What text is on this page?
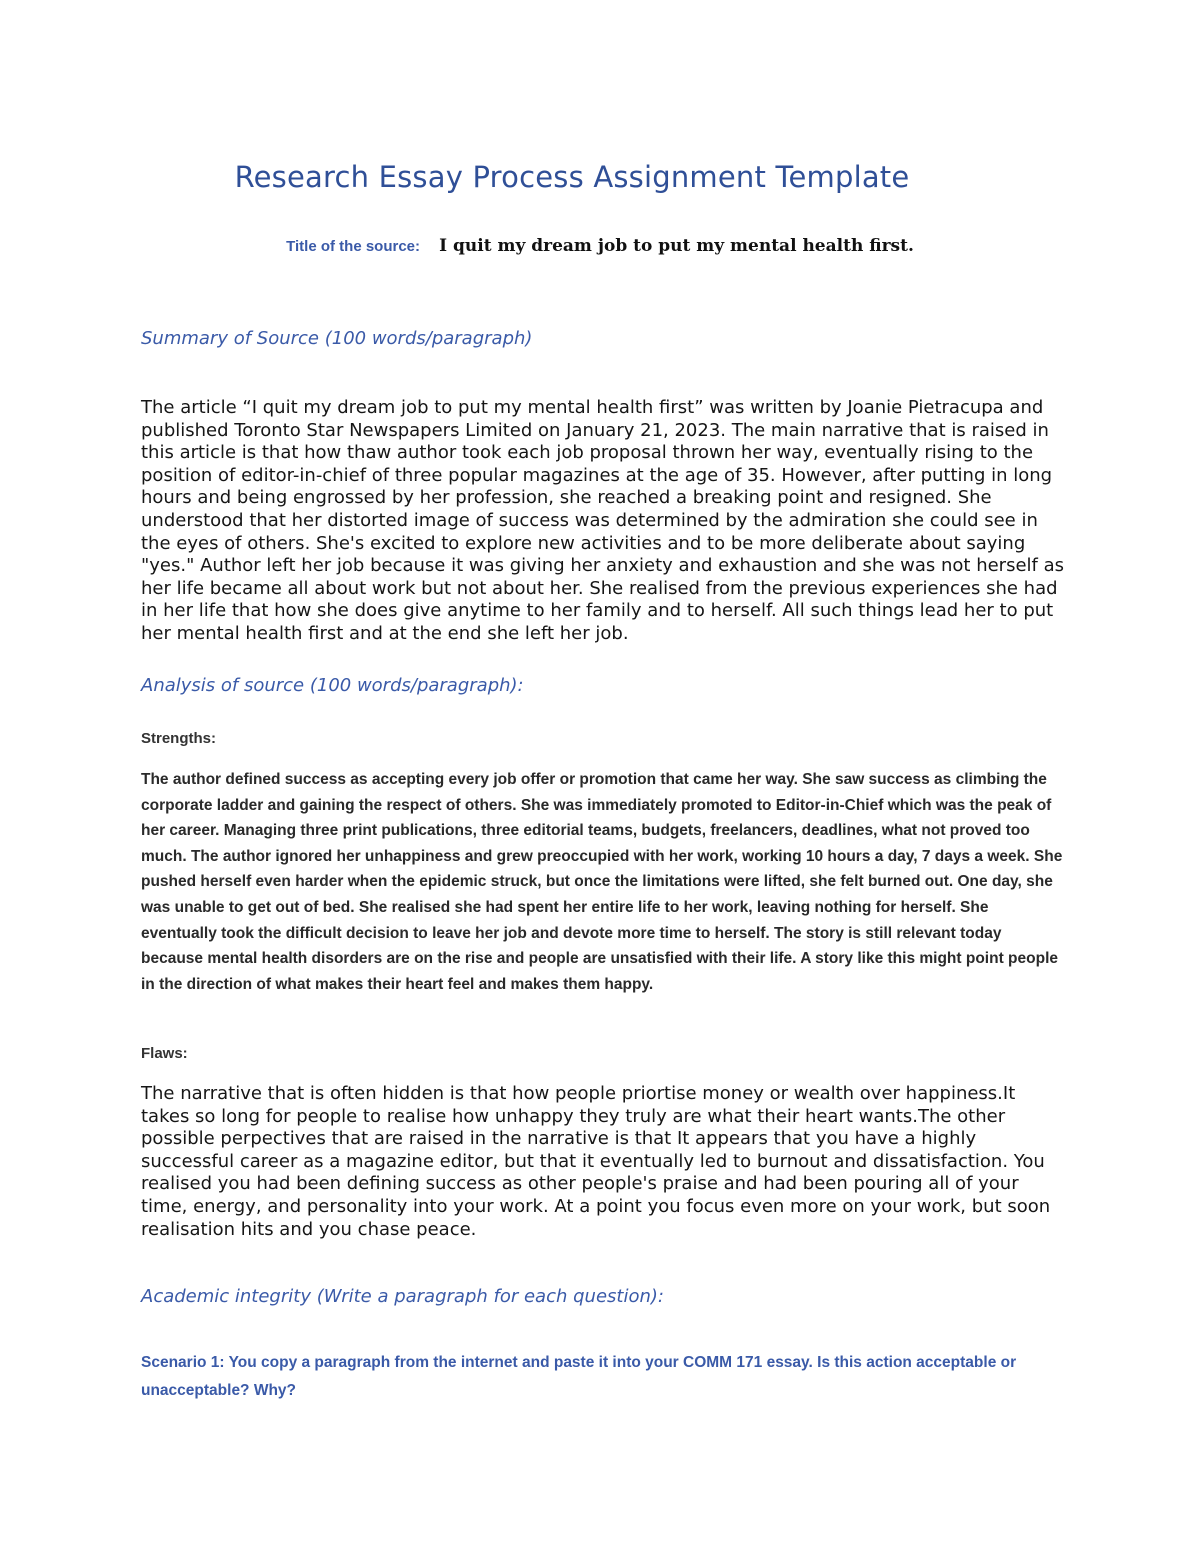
Research Essay Process Assignment Template
Title of the source: I quit my dream job to put my mental health first.
Summary of Source (100 words/paragraph)

The article “I quit my dream job to put my mental health first” was written by Joanie Pietracupa and published Toronto Star Newspapers Limited on January 21, 2023. The main narrative that is raised in this article is that how thaw author took each job proposal thrown her way, eventually rising to the position of editor-in-chief of three popular magazines at the age of 35. However, after putting in long hours and being engrossed by her profession, she reached a breaking point and resigned. She understood that her distorted image of success was determined by the admiration she could see in the eyes of others. She's excited to explore new activities and to be more deliberate about saying "yes." Author left her job because it was giving her anxiety and exhaustion and she was not herself as her life became all about work but not about her. She realised from the previous experiences she had in her life that how she does give anytime to her family and to herself. All such things lead her to put her mental health first and at the end she left her job.

Analysis of source (100 words/paragraph):
Strengths:

The author defined success as accepting every job offer or promotion that came her way. She saw success as climbing the corporate ladder and gaining the respect of others. She was immediately promoted to Editor-in-Chief which was the peak of her career. Managing three print publications, three editorial teams, budgets, freelancers, deadlines, what not proved too much. The author ignored her unhappiness and grew preoccupied with her work, working 10 hours a day, 7 days a week. She pushed herself even harder when the epidemic struck, but once the limitations were lifted, she felt burned out. One day, she was unable to get out of bed. She realised she had spent her entire life to her work, leaving nothing for herself. She eventually took the difficult decision to leave her job and devote more time to herself. The story is still relevant today because mental health disorders are on the rise and people are unsatisfied with their life. A story like this might point people in the direction of what makes their heart feel and makes them happy.

Flaws:

The narrative that is often hidden is that how people priortise money or wealth over happiness.It takes so long for people to realise how unhappy they truly are what their heart wants.The other possible perpectives that are raised in the narrative is that It appears that you have a highly successful career as a magazine editor, but that it eventually led to burnout and dissatisfaction. You realised you had been defining success as other people's praise and had been pouring all of your time, energy, and personality into your work. At a point you focus even more on your work, but soon realisation hits and you chase peace.

Academic integrity (Write a paragraph for each question):

Scenario 1: You copy a paragraph from the internet and paste it into your COMM 171 essay. Is this action acceptable or unacceptable? Why?
